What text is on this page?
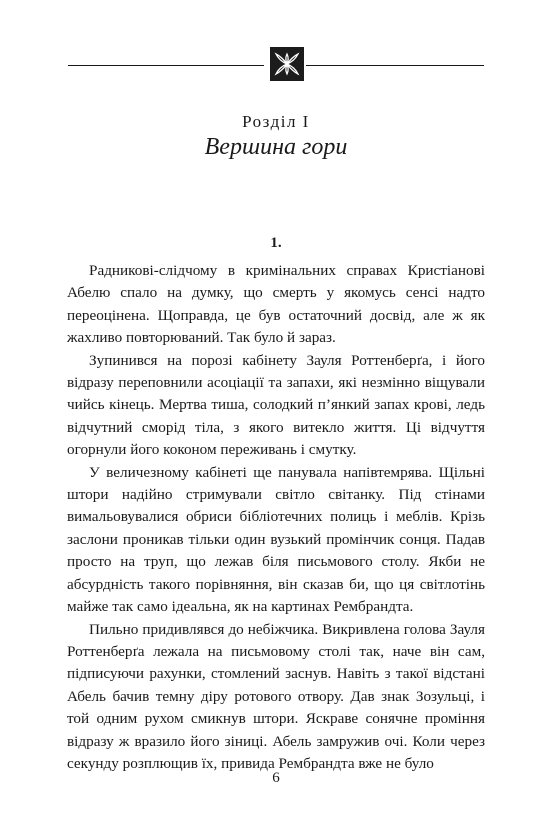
Розділ I
Вершина гори
1.

Радникові-слідчому в кримінальних справах Кристіанові Абелю спало на думку, що смерть у якомусь сенсі надто переоцінена. Щоправда, це був остаточний досвід, але ж як жахливо повторюваний. Так було й зараз.

Зупинився на порозі кабінету Зауля Роттенберґа, і його відразу переповнили асоціації та запахи, які незмінно віщували чийсь кінець. Мертва тиша, солодкий п’янкий запах крові, ледь відчутний сморід тіла, з якого витекло життя. Ці відчуття огорнули його коконом переживань і смутку.

У величезному кабінеті ще панувала напівтемрява. Щільні штори надійно стримували світло світанку. Під стінами вимальовувалися обриси бібліотечних полиць і меблів. Крізь заслони проникав тільки один вузький промінчик сонця. Падав просто на труп, що лежав біля письмового столу. Якби не абсурдність такого порівняння, він сказав би, що ця світлотінь майже так само ідеальна, як на картинах Рембрандта.

Пильно придивлявся до небіжчика. Викривлена голова Зауля Роттенберґа лежала на письмовому столі так, наче він сам, підписуючи рахунки, стомлений заснув. Навіть з такої відстані Абель бачив темну діру ротового отвору. Дав знак Зозульці, і той одним рухом смикнув штори. Яскраве сонячне проміння відразу ж вразило його зіниці. Абель замружив очі. Коли через секунду розплющив їх, привида Рембрандта вже не було

6
